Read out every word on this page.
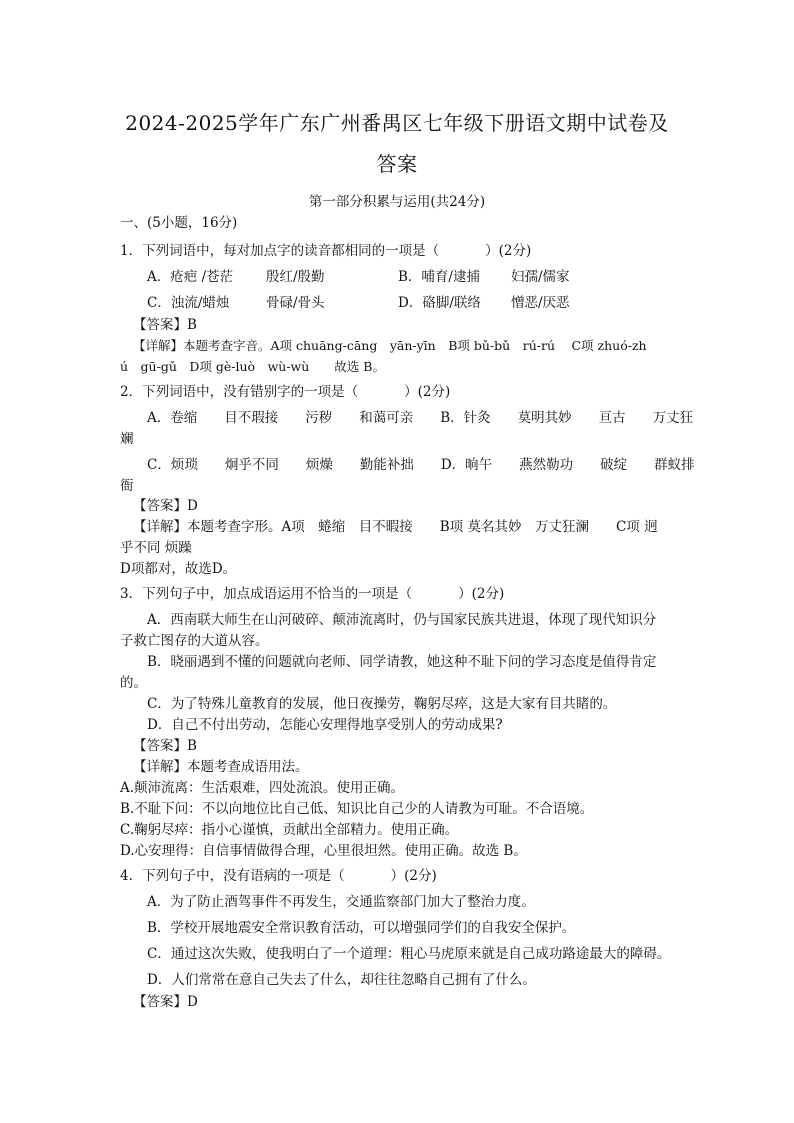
2024-2025学年广东广州番禺区七年级下册语文期中试卷及
答案
第一部分积累与运用(共24分)
一、(5小题，16分)
1．下列词语中，每对加点字的读音都相同的一项是（	）(2分)
A．疮疤 /苍茫 殷红/殷勤	B．哺育/逮捕 妇孺/儒家
C．浊流/蜡烛	骨碌/骨头	D．硌脚/联络 憎恶/厌恶
【答案】B
【详解】本题考查字音。A项 chuāng-cāng　yān-yīn　B项 bǔ-bǔ　rú-rú　 C项 zhuó-zh
ú　gū-gǔ　D项 gè-luò　wù-wù　　故选 B。
2．下列词语中，没有错别字的一项是（	）(2分)
A．卷缩　　目不瑕接　　污秽　　和蔼可亲　　B．针灸　　莫明其妙　　亘古　　万丈狂
斓
C．烦琐　　炯乎不同　　烦燥　　勤能补拙　　D．晌午　　燕然勒功　　破绽　　群蚁排
衙
【答案】D
【详解】本题考查字形。A项　蜷缩　目不暇接　　B项 莫名其妙　万丈狂澜　　C项 迥
乎不同 烦躁
D项都对，故选D。
3．下列句子中，加点成语运用不恰当的一项是（	）(2分)
A．西南联大师生在山河破碎、颠沛流离时，仍与国家民族共进退，体现了现代知识分
子救亡图存的大道从容。
B．晓丽遇到不懂的问题就向老师、同学请教，她这种不耻下问的学习态度是值得肯定
的。
C．为了特殊儿童教育的发展，他日夜操劳，鞠躬尽瘁，这是大家有目共睹的。
D．自己不付出劳动，怎能心安理得地享受别人的劳动成果?
【答案】B
【详解】本题考查成语用法。
A.颠沛流离：生活艰难，四处流浪。使用正确。
B.不耻下问：不以向地位比自己低、知识比自己少的人请教为可耻。不合语境。
C.鞠躬尽瘁：指小心谨慎，贡献出全部精力。使用正确。
D.心安理得：自信事情做得合理，心里很坦然。使用正确。故选 B。
4．下列句子中，没有语病的一项是（	）(2分)
A．为了防止酒驾事件不再发生，交通监察部门加大了整治力度。
B．学校开展地震安全常识教育活动，可以增强同学们的自我安全保护。
C．通过这次失败，使我明白了一个道理：粗心马虎原来就是自己成功路途最大的障碍。
D．人们常常在意自己失去了什么，却往往忽略自己拥有了什么。
【答案】D
